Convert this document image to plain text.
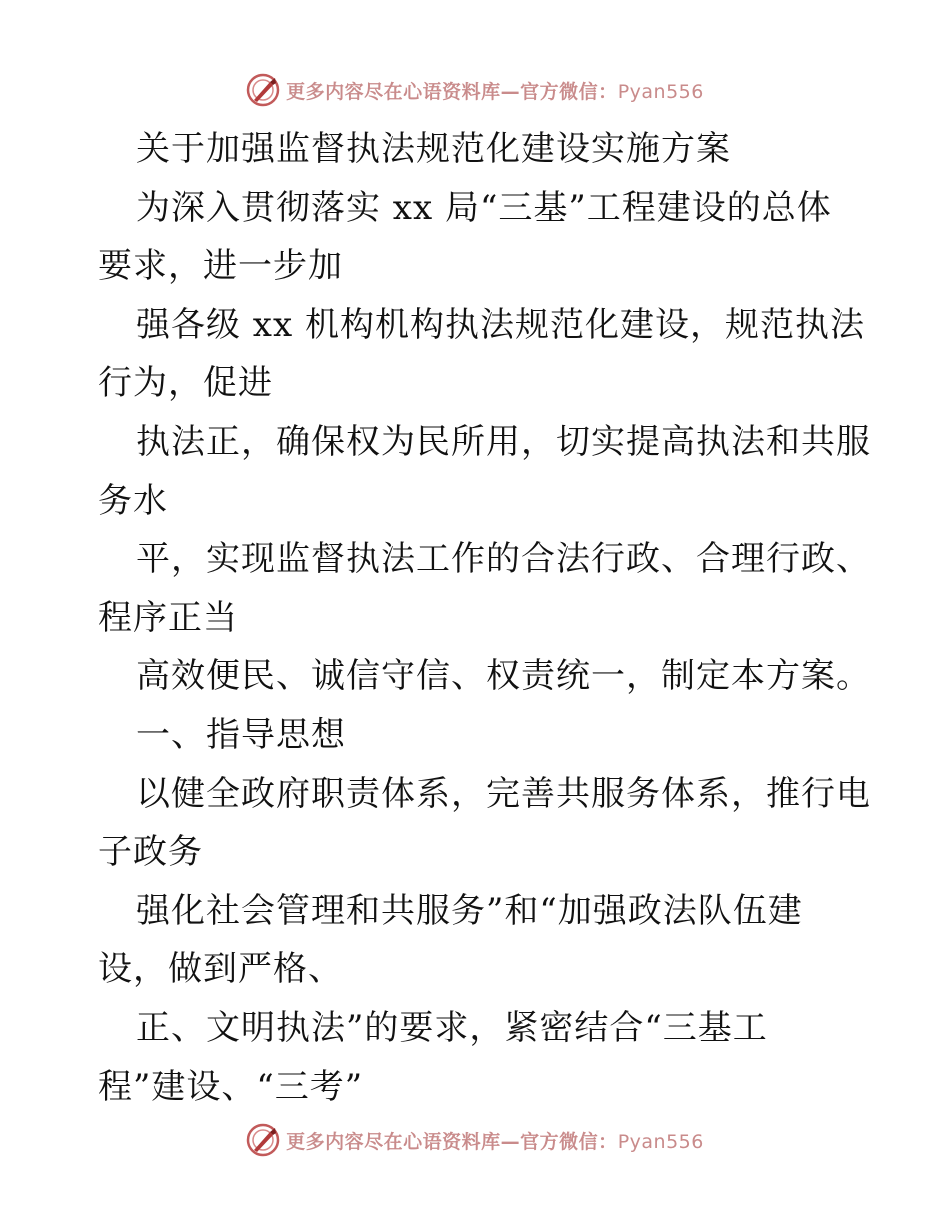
更多内容尽在心语资料库—官方微信：Pyan556
关于加强监督执法规范化建设实施方案
为深入贯彻落实 xx 局“三基”工程建设的总体
要求，进一步加
强各级 xx 机构机构执法规范化建设，规范执法
行为，促进
执法正，确保权为民所用，切实提高执法和共服
务水
平，实现监督执法工作的合法行政、合理行政、
程序正当
高效便民、诚信守信、权责统一，制定本方案。
一、指导思想
以健全政府职责体系，完善共服务体系，推行电
子政务
强化社会管理和共服务”和“加强政法队伍建
设，做到严格、
正、文明执法”的要求，紧密结合“三基工
程”建设、“三考”
更多内容尽在心语资料库—官方微信：Pyan556
